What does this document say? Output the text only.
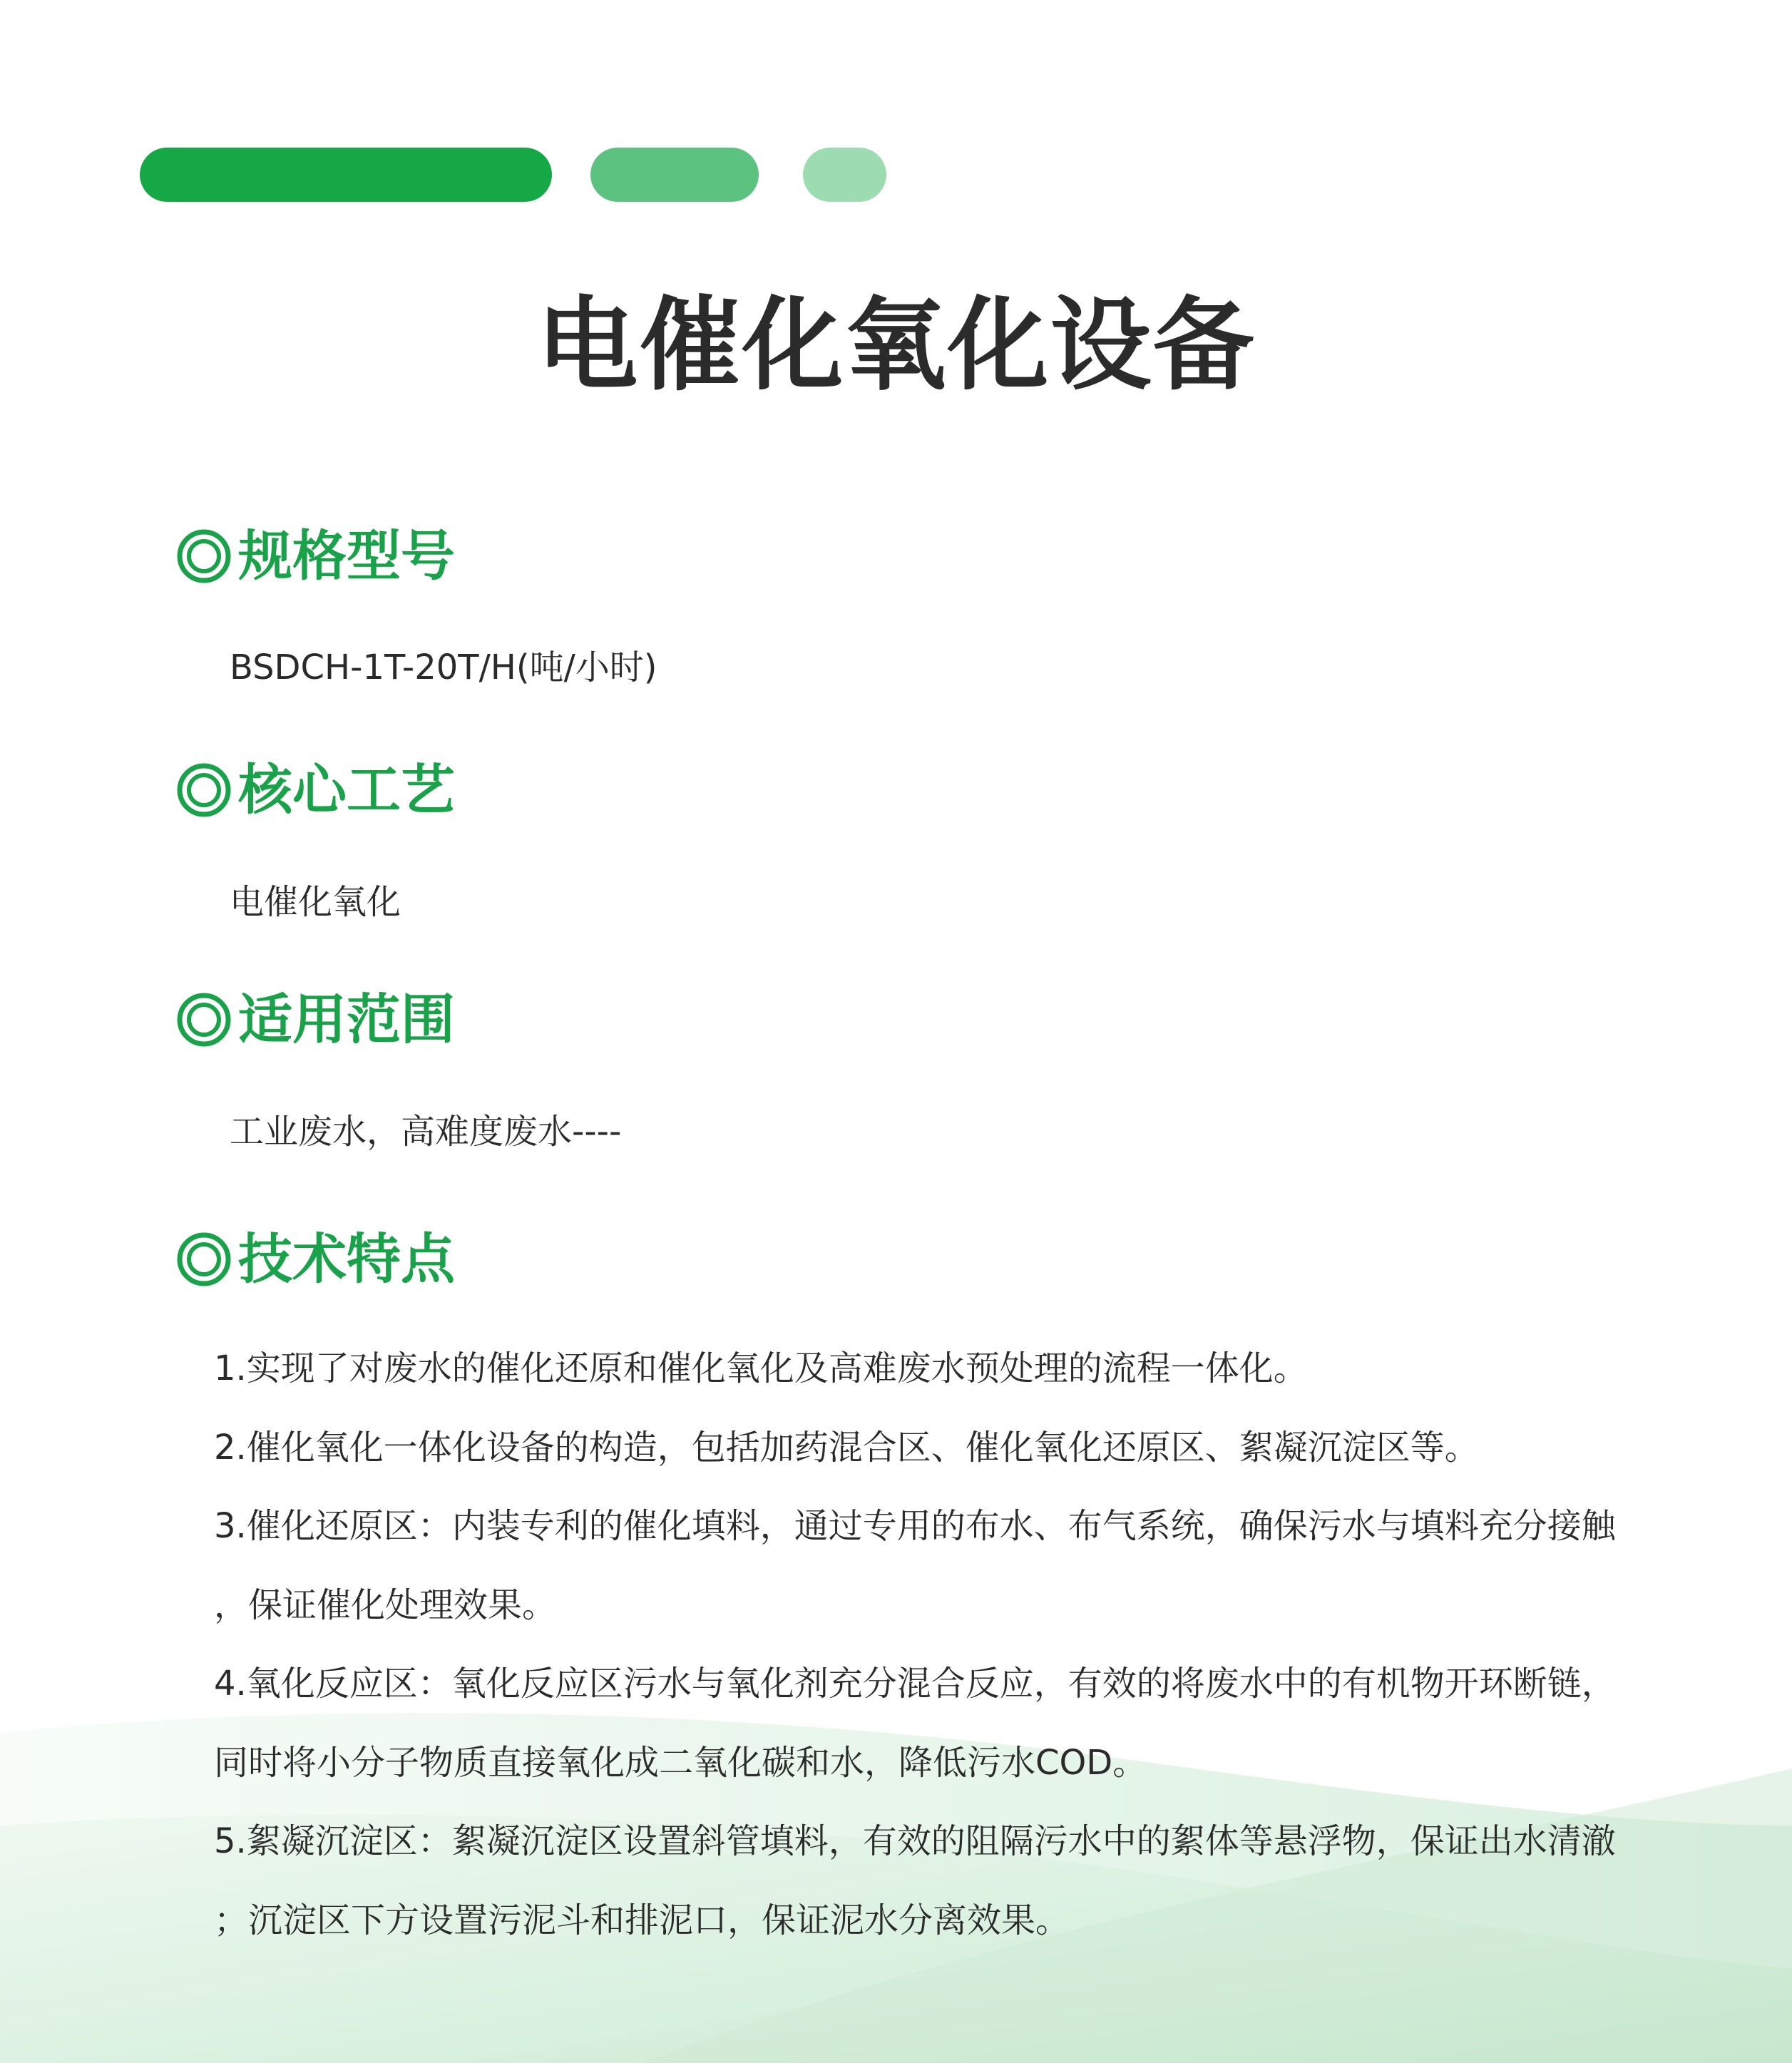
电催化氧化设备
规格型号
BSDCH-1T-20T/H(吨/小时)
核心工艺
电催化氧化
适用范围
工业废水，高难度废水----
技术特点
1.实现了对废水的催化还原和催化氧化及高难废水预处理的流程一体化。
2.催化氧化一体化设备的构造，包括加药混合区、催化氧化还原区、絮凝沉淀区等。
3.催化还原区：内装专利的催化填料，通过专用的布水、布气系统，确保污水与填料充分接触
，保证催化处理效果。
4.氧化反应区：氧化反应区污水与氧化剂充分混合反应，有效的将废水中的有机物开环断链，
同时将小分子物质直接氧化成二氧化碳和水，降低污水COD。
5.絮凝沉淀区：絮凝沉淀区设置斜管填料，有效的阻隔污水中的絮体等悬浮物，保证出水清澈
；沉淀区下方设置污泥斗和排泥口，保证泥水分离效果。
